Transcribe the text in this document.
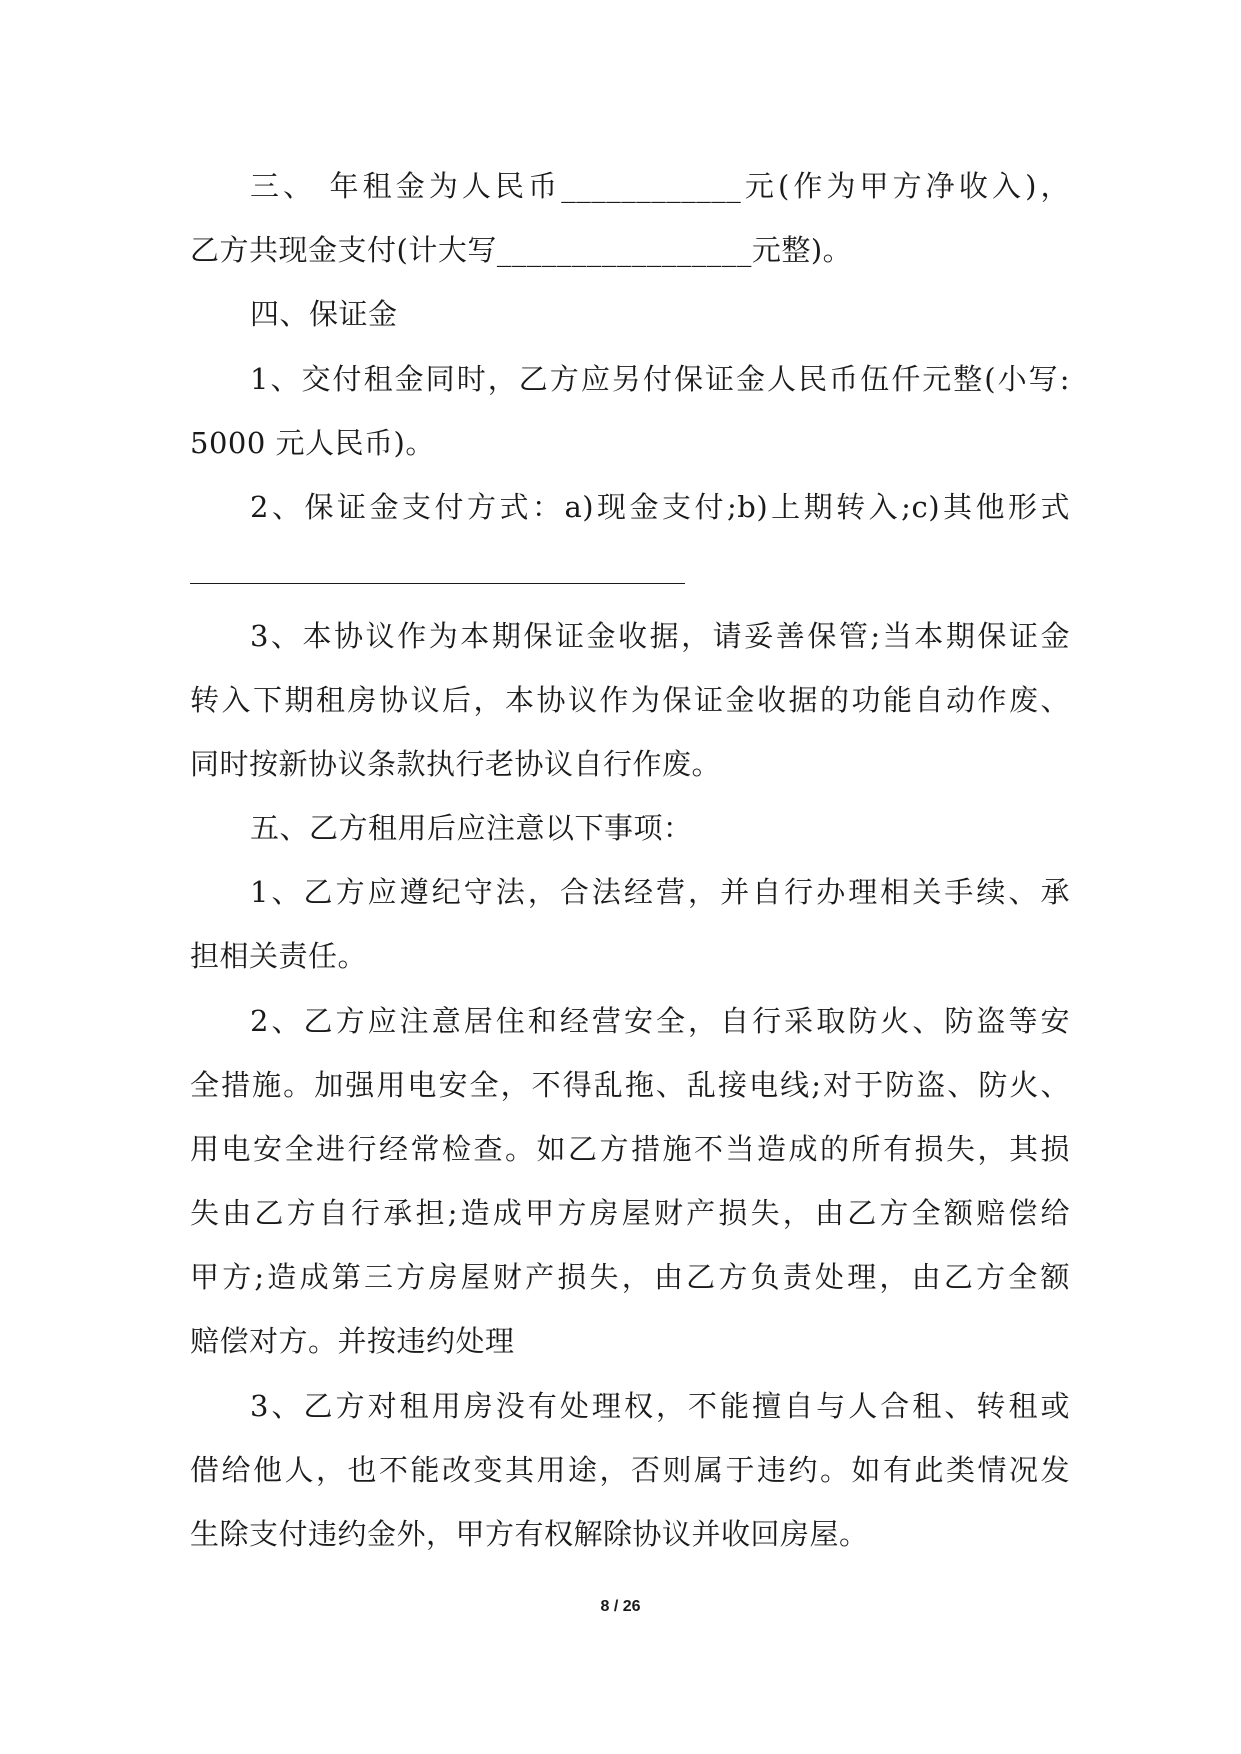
三、 年租金为人民币____________元(作为甲方净收入)，
乙方共现金支付(计大写_________________元整)。
四、保证金
1、交付租金同时，乙方应另付保证金人民币伍仟元整(小写:
5000 元人民币)。
2、保证金支付方式：a)现金支付;b)上期转入;c)其他形式
3、本协议作为本期保证金收据，请妥善保管;当本期保证金
转入下期租房协议后，本协议作为保证金收据的功能自动作废、
同时按新协议条款执行老协议自行作废。
五、乙方租用后应注意以下事项：
1、乙方应遵纪守法，合法经营，并自行办理相关手续、承
担相关责任。
2、乙方应注意居住和经营安全，自行采取防火、防盗等安
全措施。加强用电安全，不得乱拖、乱接电线;对于防盗、防火、
用电安全进行经常检查。如乙方措施不当造成的所有损失，其损
失由乙方自行承担;造成甲方房屋财产损失，由乙方全额赔偿给
甲方;造成第三方房屋财产损失，由乙方负责处理，由乙方全额
赔偿对方。并按违约处理
3、乙方对租用房没有处理权，不能擅自与人合租、转租或
借给他人，也不能改变其用途，否则属于违约。如有此类情况发
生除支付违约金外，甲方有权解除协议并收回房屋。
8 / 26
